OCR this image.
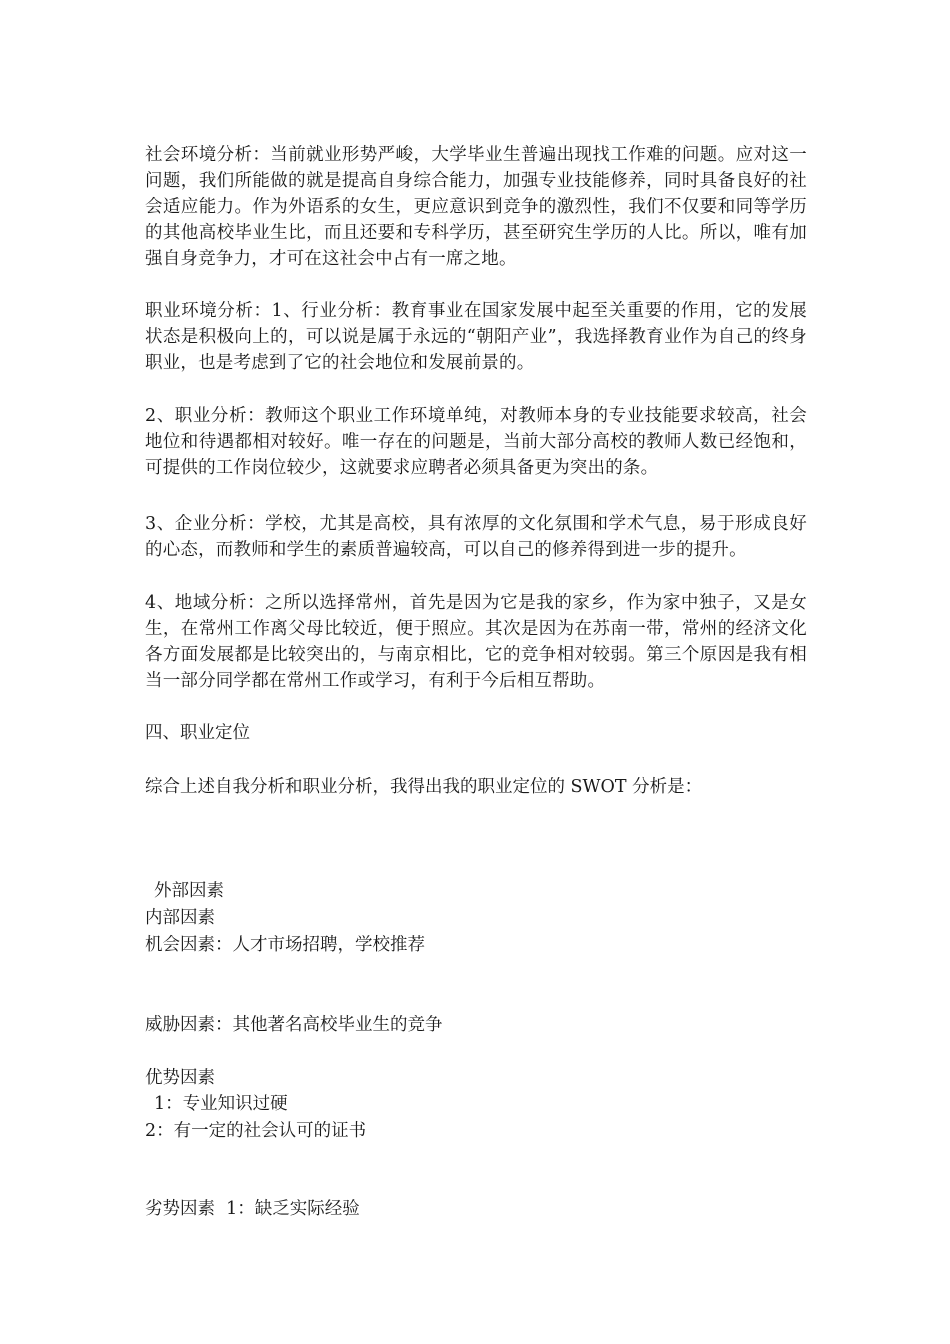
社会环境分析：当前就业形势严峻，大学毕业生普遍出现找工作难的问题。应对这一问题，我们所能做的就是提高自身综合能力，加强专业技能修养，同时具备良好的社会适应能力。作为外语系的女生，更应意识到竞争的激烈性，我们不仅要和同等学历的其他高校毕业生比，而且还要和专科学历，甚至研究生学历的人比。所以，唯有加强自身竞争力，才可在这社会中占有一席之地。
职业环境分析：1、行业分析：教育事业在国家发展中起至关重要的作用，它的发展状态是积极向上的，可以说是属于永远的“朝阳产业”，我选择教育业作为自己的终身职业，也是考虑到了它的社会地位和发展前景的。
2、职业分析：教师这个职业工作环境单纯，对教师本身的专业技能要求较高，社会地位和待遇都相对较好。唯一存在的问题是，当前大部分高校的教师人数已经饱和，可提供的工作岗位较少，这就要求应聘者必须具备更为突出的条。
3、企业分析：学校，尤其是高校，具有浓厚的文化氛围和学术气息，易于形成良好的心态，而教师和学生的素质普遍较高，可以自己的修养得到进一步的提升。
4、地域分析：之所以选择常州，首先是因为它是我的家乡，作为家中独子，又是女生，在常州工作离父母比较近，便于照应。其次是因为在苏南一带，常州的经济文化各方面发展都是比较突出的，与南京相比，它的竞争相对较弱。第三个原因是我有相当一部分同学都在常州工作或学习，有利于今后相互帮助。
四、职业定位
综合上述自我分析和职业分析，我得出我的职业定位的 SWOT 分析是：
外部因素
内部因素
机会因素：人才市场招聘，学校推荐
威胁因素：其他著名高校毕业生的竞争
优势因素
1：专业知识过硬
2：有一定的社会认可的证书
劣势因素  1：缺乏实际经验
